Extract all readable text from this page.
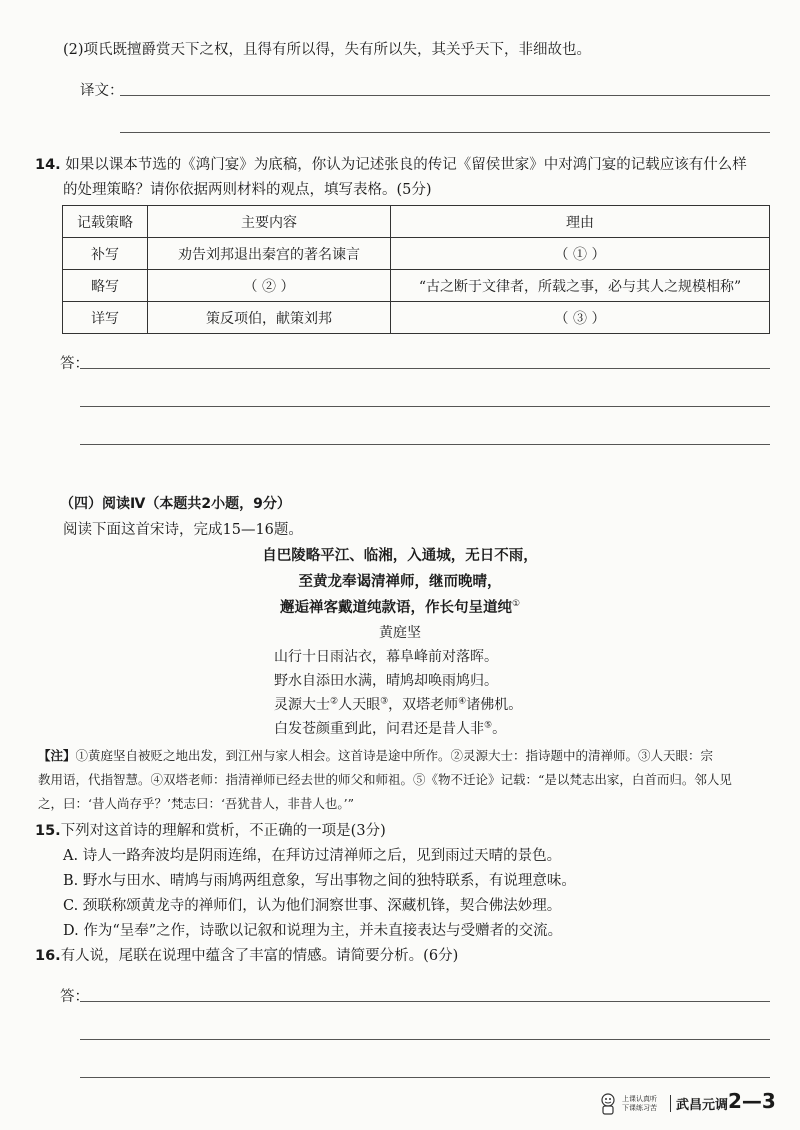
(2)项氏既擅爵赏天下之权，且得有所以得，失有所以失，其关乎天下，非细故也。
译文：
14. 如果以课本节选的《鸿门宴》为底稿，你认为记述张良的传记《留侯世家》中对鸿门宴的记载应该有什么样
的处理策略？请你依据两则材料的观点，填写表格。(5分)
记载策略	主要内容	理由
补写	劝告刘邦退出秦宫的著名谏言	（ ① ）
略写	（ ② ）	“古之断于文律者，所载之事，必与其人之规模相称”
详写	策反项伯，献策刘邦	（ ③ ）
答：
（四）阅读Ⅳ（本题共2小题，9分）
阅读下面这首宋诗，完成15—16题。
自巴陵略平江、临湘，入通城，无日不雨，
至黄龙奉谒清禅师，继而晚晴，
邂逅禅客戴道纯款语，作长句呈道纯①
黄庭坚
山行十日雨沾衣，幕阜峰前对落晖。
野水自添田水满，晴鸠却唤雨鸠归。
灵源大士②人天眼③，双塔老师④诸佛机。
白发苍颜重到此，问君还是昔人非⑤。
【注】①黄庭坚自被贬之地出发，到江州与家人相会。这首诗是途中所作。②灵源大士：指诗题中的清禅师。③人天眼：宗
教用语，代指智慧。④双塔老师：指清禅师已经去世的师父和师祖。⑤《物不迁论》记载：“是以梵志出家，白首而归。邻人见
之，曰：‘昔人尚存乎？’梵志曰：‘吾犹昔人，非昔人也。’”
15.下列对这首诗的理解和赏析，不正确的一项是(3分)
A. 诗人一路奔波均是阴雨连绵，在拜访过清禅师之后，见到雨过天晴的景色。
B. 野水与田水、晴鸠与雨鸠两组意象，写出事物之间的独特联系，有说理意味。
C. 颈联称颂黄龙寺的禅师们，认为他们洞察世事、深藏机锋，契合佛法妙理。
D. 作为“呈奉”之作，诗歌以记叙和说理为主，并未直接表达与受赠者的交流。
16.有人说，尾联在说理中蕴含了丰富的情感。请简要分析。(6分)
答：
上课认真听
下课练习苦 武昌元调 2—3
